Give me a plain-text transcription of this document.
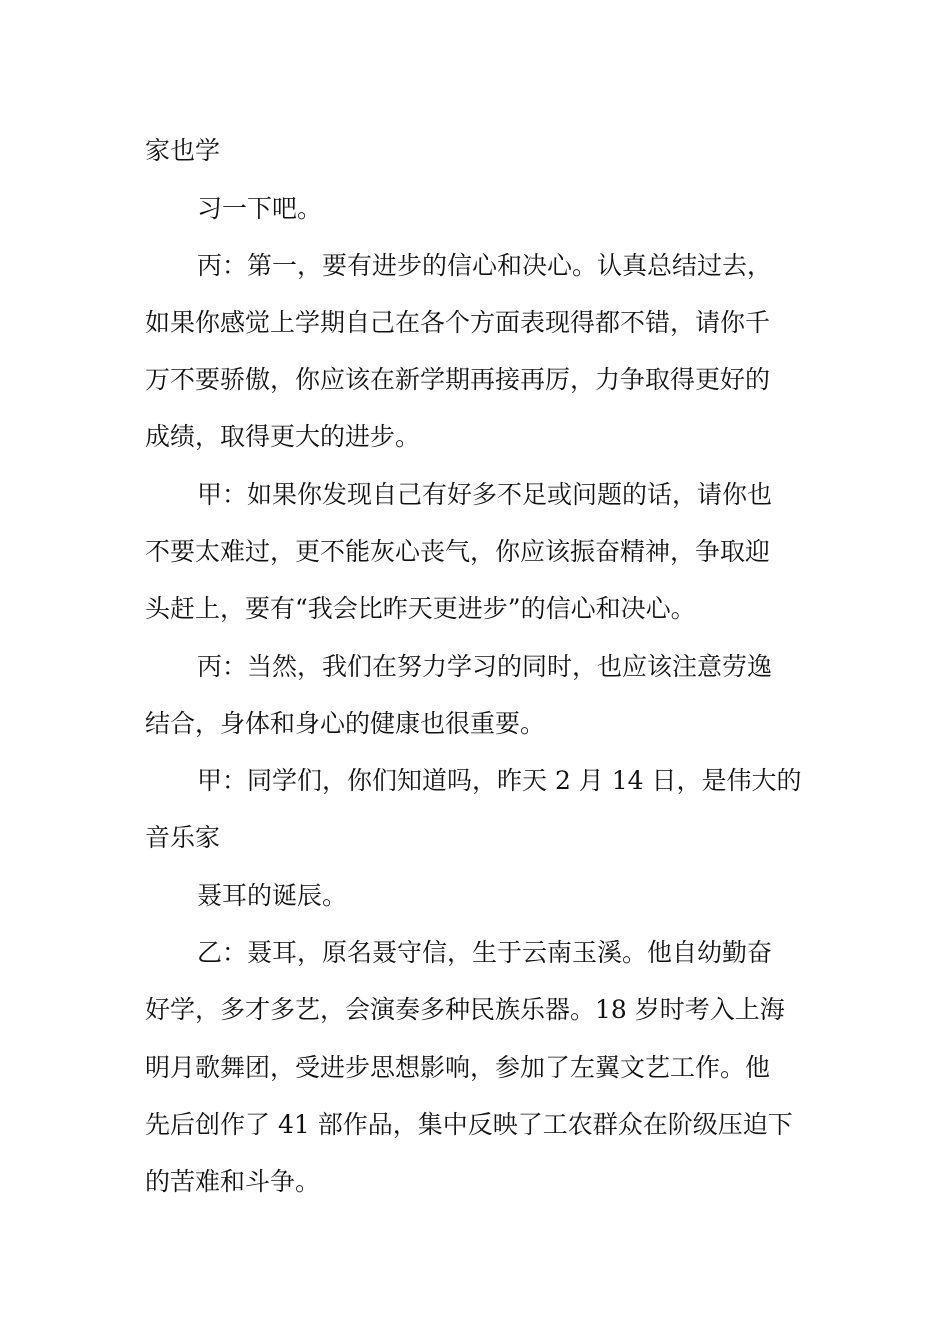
家也学

习一下吧。

丙：第一，要有进步的信心和决心。认真总结过去，

如果你感觉上学期自己在各个方面表现得都不错，请你千

万不要骄傲，你应该在新学期再接再厉，力争取得更好的

成绩，取得更大的进步。

甲：如果你发现自己有好多不足或问题的话，请你也

不要太难过，更不能灰心丧气，你应该振奋精神，争取迎

头赶上，要有“我会比昨天更进步”的信心和决心。

丙：当然，我们在努力学习的同时，也应该注意劳逸

结合，身体和身心的健康也很重要。

甲：同学们，你们知道吗，昨天 2 月 14 日，是伟大的

音乐家

聂耳的诞辰。

乙：聂耳，原名聂守信，生于云南玉溪。他自幼勤奋

好学，多才多艺，会演奏多种民族乐器。18 岁时考入上海

明月歌舞团，受进步思想影响，参加了左翼文艺工作。他

先后创作了 41 部作品，集中反映了工农群众在阶级压迫下

的苦难和斗争。
